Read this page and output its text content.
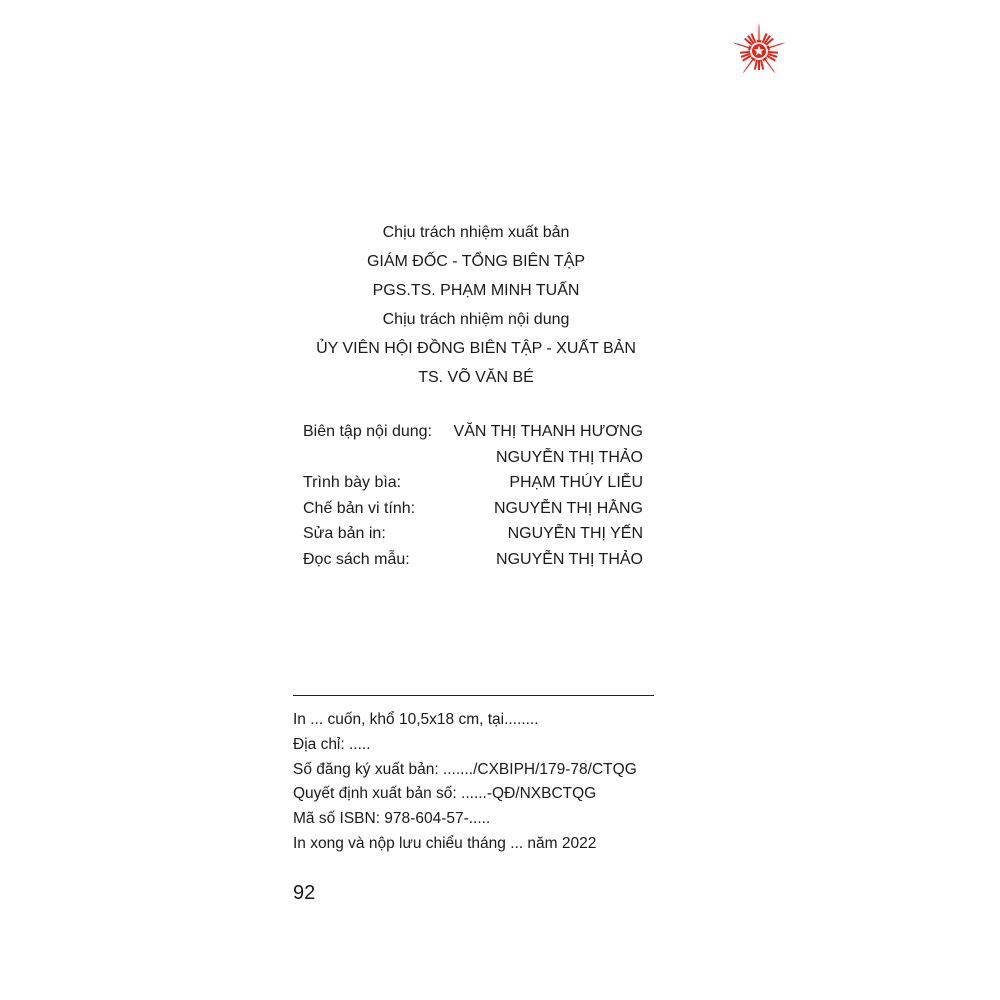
Chịu trách nhiệm xuất bản
GIÁM ĐỐC - TỔNG BIÊN TẬP
PGS.TS. PHẠM MINH TUẤN
Chịu trách nhiệm nội dung
ỦY VIÊN HỘI ĐỒNG BIÊN TẬP - XUẤT BẢN
TS. VÕ VĂN BÉ
Biên tập nội dung: VĂN THỊ THANH HƯƠNG
NGUYỄN THỊ THẢO
Trình bày bìa:	PHẠM THÚY LIỄU
Chế bản vi tính:	NGUYỄN THỊ HẰNG
Sửa bản in:	NGUYỄN THỊ YẾN
Đọc sách mẫu:	NGUYỄN THỊ THẢO
In ... cuốn, khổ 10,5x18 cm, tại........
Địa chỉ: .....
Số đăng ký xuất bản: ......./CXBIPH/179-78/CTQG
Quyết định xuất bản số: ......-QĐ/NXBCTQG
Mã số ISBN: 978-604-57-.....
In xong và nộp lưu chiểu tháng ... năm 2022
92
